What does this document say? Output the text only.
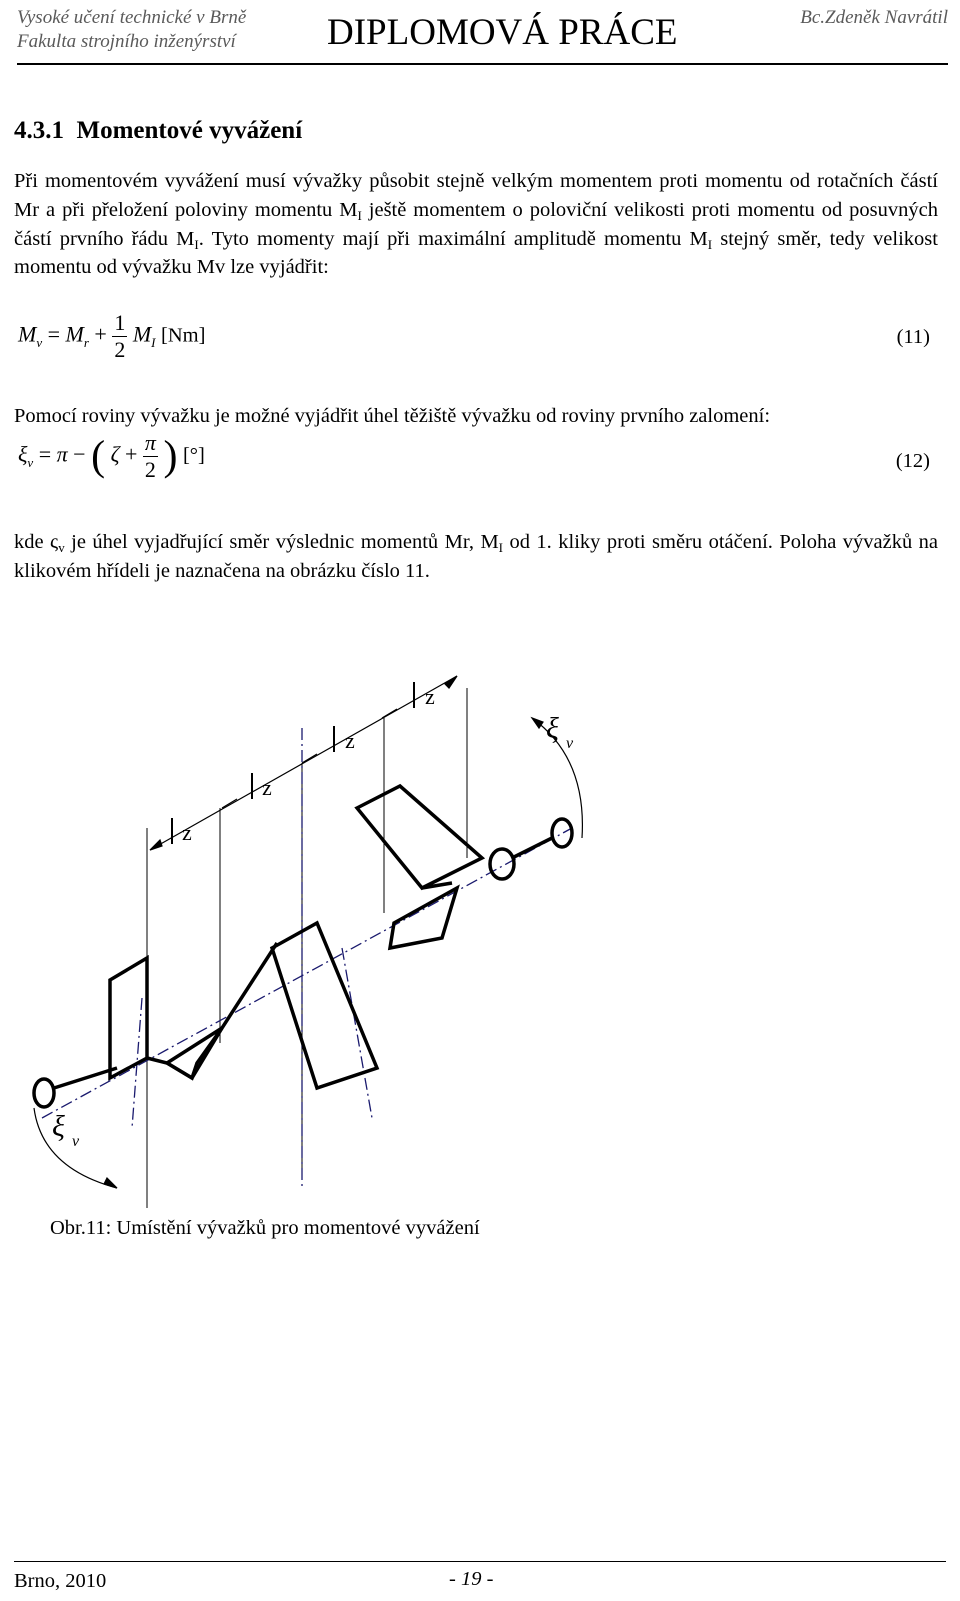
Vysoké učení technické v Brně
Fakulta strojního inženýrství DIPLOMOVÁ PRÁCE	Bc.Zdeněk Navrátil
4.3.1  Momentové vyvážení
Při momentovém vyvážení musí vývažky působit stejně velkým momentem proti momentu od rotačních částí Mr a při přeložení poloviny momentu $M_I$ ještě momentem o poloviční velikosti proti momentu od posuvných částí prvního řádu $M_I$. Tyto momenty mají při maximální amplitudě momentu $M_I$ stejný směr, tedy velikost momentu od vývažku Mv lze vyjádřit:
$M_v = M_r + \frac{1}{2} M_I$ [Nm]	(11)
Pomocí roviny vývažku je možné vyjádřit úhel těžiště vývažku od roviny prvního zalomení:
$\xi_v = \pi$ − ( $\zeta + \frac{\pi}{2}$ ) [°]	(12)
kde $\varsigma_v$ je úhel vyjadřující směr výslednic momentů Mr, $M_I$ od 1. kliky proti směru otáčení. Poloha vývažků na klikovém hřídeli je naznačena na obrázku číslo 11.
z
z
z
z
ξ v
ξ v
Obr.11: Umístění vývažků pro momentové vyvážení
Brno, 2010	- 19 -
